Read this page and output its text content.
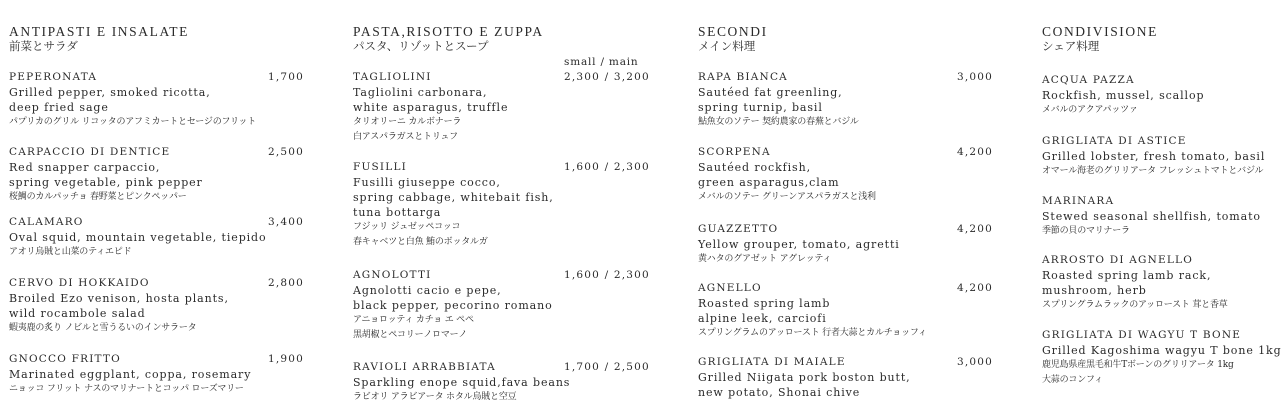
ANTIPASTI E INSALATE
前菜とサラダ
PEPERONATA	1,700
Grilled pepper, smoked ricotta,
deep fried sage
パプリカのグリル リコッタのアフミカートとセージのフリット
CARPACCIO DI DENTICE	2,500
Red snapper carpaccio,
spring vegetable, pink pepper
桜鯛のカルパッチョ 春野菜とピンクペッパー
CALAMARO	3,400
Oval squid, mountain vegetable, tiepido
アオリ烏賊と山菜のティエピド
CERVO DI HOKKAIDO	2,800
Broiled Ezo venison, hosta plants,
wild rocambole salad
蝦夷鹿の炙り ノビルと雪うるいのインサラータ
GNOCCO FRITTO	1,900
Marinated eggplant, coppa, rosemary
ニョッコ フリット ナスのマリナートとコッパ ローズマリー
PASTA,RISOTTO E ZUPPA
パスタ、リゾットとスープ
small / main
TAGLIOLINI	2,300 / 3,200
Tagliolini carbonara,
white asparagus, truffle
タリオリーニ カルボナーラ
白アスパラガスとトリュフ
FUSILLI	1,600 / 2,300
Fusilli giuseppe cocco,
spring cabbage, whitebait fish,
tuna bottarga
フジッリ ジュゼッペコッコ
春キャベツと白魚 鮪のボッタルガ
AGNOLOTTI	1,600 / 2,300
Agnolotti cacio e pepe,
black pepper, pecorino romano
アニョロッティ カチョ エ ペペ
黒胡椒とペコリーノロマーノ
RAVIOLI ARRABBIATA	1,700 / 2,500
Sparkling enope squid,fava beans
ラビオリ アラビアータ ホタル烏賊と空豆
SECONDI
メイン料理
RAPA BIANCA	3,000
Sautéed fat greenling,
spring turnip, basil
鮎魚女のソテー 契約農家の春蕪とバジル
SCORPENA	4,200
Sautéed rockfish,
green asparagus,clam
メバルのソテー グリーンアスパラガスと浅利
GUAZZETTO	4,200
Yellow grouper, tomato, agretti
黄ハタのグアゼット アグレッティ
AGNELLO	4,200
Roasted spring lamb
alpine leek, carciofi
スプリングラムのアッロースト 行者大蒜とカルチョッフィ
GRIGLIATA DI MAIALE	3,000
Grilled Niigata pork boston butt,
new potato, Shonai chive
CONDIVISIONE
シェア料理
ACQUA PAZZA
Rockfish, mussel, scallop
メバルのアクアパッツァ
GRIGLIATA DI ASTICE
Grilled lobster, fresh tomato, basil
オマール海老のグリリアータ フレッシュトマトとバジル
MARINARA
Stewed seasonal shellfish, tomato
季節の貝のマリナーラ
ARROSTO DI AGNELLO
Roasted spring lamb rack,
mushroom, herb
スプリングラムラックのアッロースト 茸と香草
GRIGLIATA DI WAGYU T BONE
Grilled Kagoshima wagyu T bone 1kg
鹿児島県産黒毛和牛Tボーンのグリリアータ 1kg
大蒜のコンフィ
